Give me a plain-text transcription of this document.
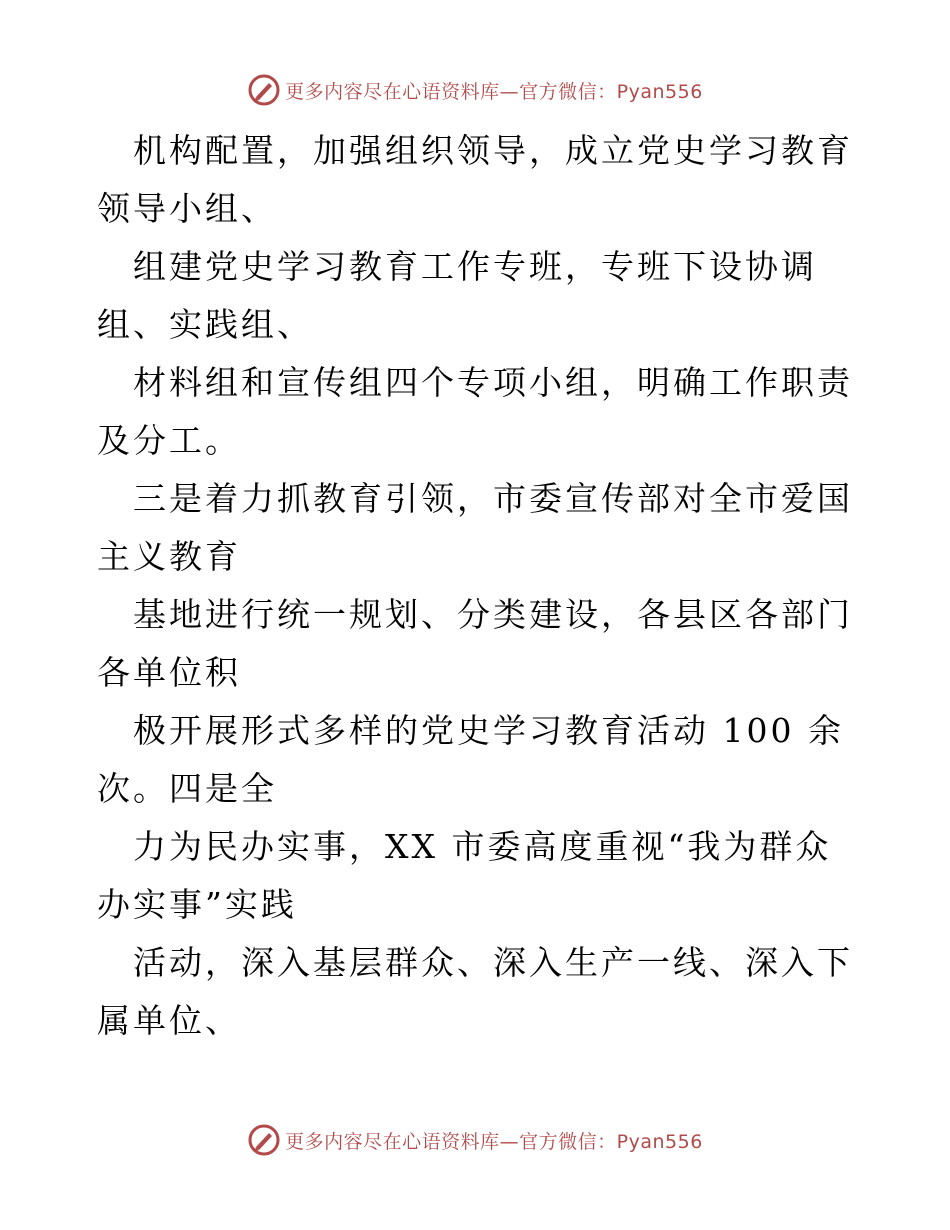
更多内容尽在心语资料库—官方微信：Pyan556

机构配置，加强组织领导，成立党史学习教育领导小组、

组建党史学习教育工作专班，专班下设协调组、实践组、

材料组和宣传组四个专项小组，明确工作职责及分工。

三是着力抓教育引领，市委宣传部对全市爱国主义教育

基地进行统一规划、分类建设，各县区各部门各单位积

极开展形式多样的党史学习教育活动 100 余次。四是全

力为民办实事，XX 市委高度重视“我为群众办实事”实践

活动，深入基层群众、深入生产一线、深入下属单位、

更多内容尽在心语资料库—官方微信：Pyan556
